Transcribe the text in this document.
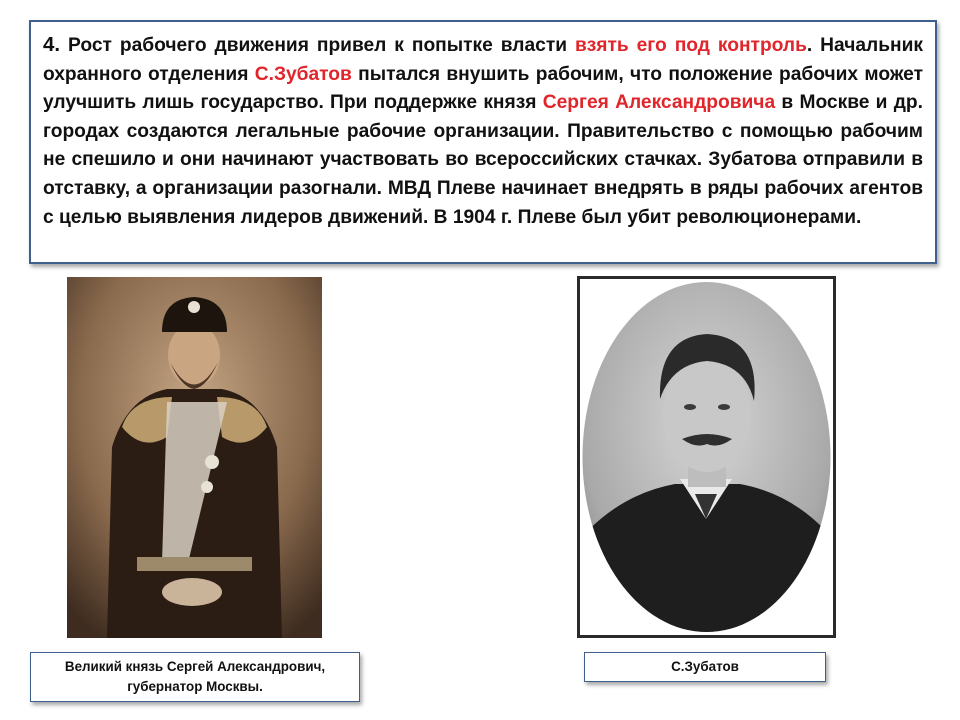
4. Рост рабочего движения привел к попытке власти взять его под контроль. Начальник охранного отделения С.Зубатов пытался внушить рабочим, что положение рабочих может улучшить лишь государство. При поддержке князя Сергея Александровича в Москве и др. городах создаются легальные рабочие организации. Правительство с помощью рабочим не спешило и они начинают участвовать во всероссийских стачках. Зубатова отправили в отставку, а организации разогнали. МВД Плеве начинает внедрять в ряды рабочих агентов с целью выявления лидеров движений. В 1904 г. Плеве был убит революционерами.

Великий князь Сергей Александрович,
губернатор Москвы.
С.Зубатов
